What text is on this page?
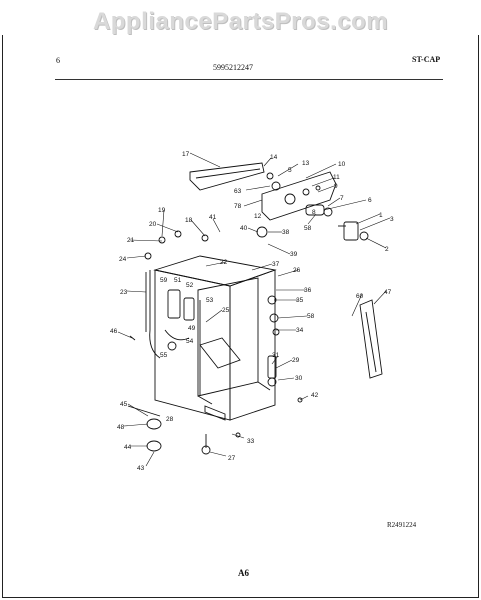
AppliancePartsPros.com
6
5995212247
ST-CAP
17	14
5
13	10
11
9
63
7
78
8
6
12	1
3
2
58
19
20
18	41
40
38
21
39
24	22	37
23
59 51
52
53
26
36
35
60
47
58
25
46	49
54
34
55	31
29
30
42
45
28
48
44
33
27
43
R2491224
A6
